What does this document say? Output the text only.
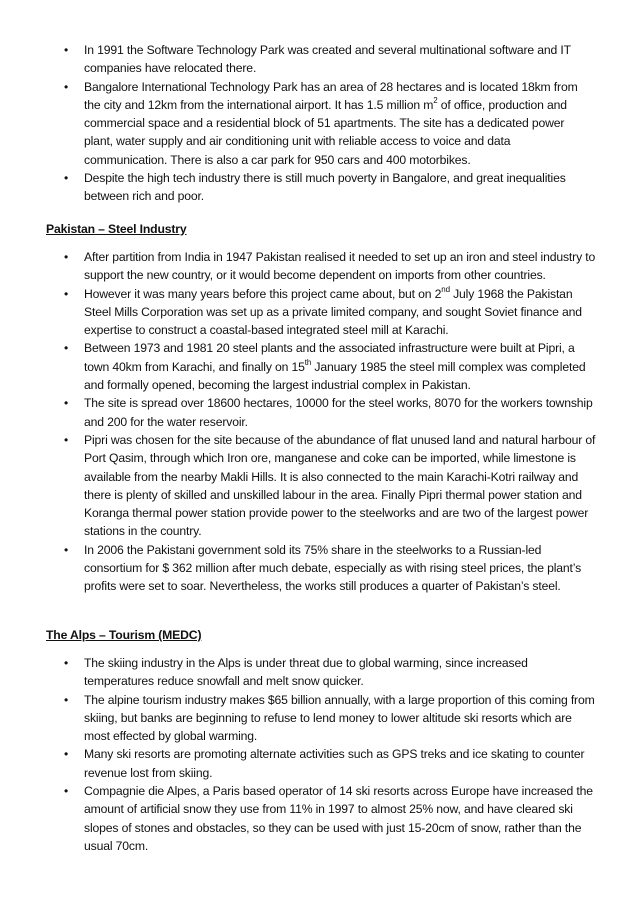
• In 1991 the Software Technology Park was created and several multinational software and IT companies have relocated there.
• Bangalore International Technology Park has an area of 28 hectares and is located 18km from the city and 12km from the international airport. It has 1.5 million $m^2$ of office, production and commercial space and a residential block of 51 apartments. The site has a dedicated power plant, water supply and air conditioning unit with reliable access to voice and data communication. There is also a car park for 950 cars and 400 motorbikes.
• Despite the high tech industry there is still much poverty in Bangalore, and great inequalities between rich and poor.
Pakistan – Steel Industry
• After partition from India in 1947 Pakistan realised it needed to set up an iron and steel industry to support the new country, or it would become dependent on imports from other countries.
• However it was many years before this project came about, but on 2nd July 1968 the Pakistan Steel Mills Corporation was set up as a private limited company, and sought Soviet finance and expertise to construct a coastal-based integrated steel mill at Karachi.
• Between 1973 and 1981 20 steel plants and the associated infrastructure were built at Pipri, a town 40km from Karachi, and finally on 15th January 1985 the steel mill complex was completed and formally opened, becoming the largest industrial complex in Pakistan.
• The site is spread over 18600 hectares, 10000 for the steel works, 8070 for the workers township and 200 for the water reservoir.
• Pipri was chosen for the site because of the abundance of flat unused land and natural harbour of Port Qasim, through which Iron ore, manganese and coke can be imported, while limestone is available from the nearby Makli Hills. It is also connected to the main Karachi-Kotri railway and there is plenty of skilled and unskilled labour in the area. Finally Pipri thermal power station and Koranga thermal power station provide power to the steelworks and are two of the largest power stations in the country.
• In 2006 the Pakistani government sold its 75% share in the steelworks to a Russian-led consortium for $ 362 million after much debate, especially as with rising steel prices, the plant’s profits were set to soar. Nevertheless, the works still produces a quarter of Pakistan’s steel.
The Alps – Tourism (MEDC)
• The skiing industry in the Alps is under threat due to global warming, since increased temperatures reduce snowfall and melt snow quicker.
• The alpine tourism industry makes $65 billion annually, with a large proportion of this coming from skiing, but banks are beginning to refuse to lend money to lower altitude ski resorts which are most effected by global warming.
• Many ski resorts are promoting alternate activities such as GPS treks and ice skating to counter revenue lost from skiing.
• Compagnie die Alpes, a Paris based operator of 14 ski resorts across Europe have increased the amount of artificial snow they use from 11% in 1997 to almost 25% now, and have cleared ski slopes of stones and obstacles, so they can be used with just 15-20cm of snow, rather than the usual 70cm.
